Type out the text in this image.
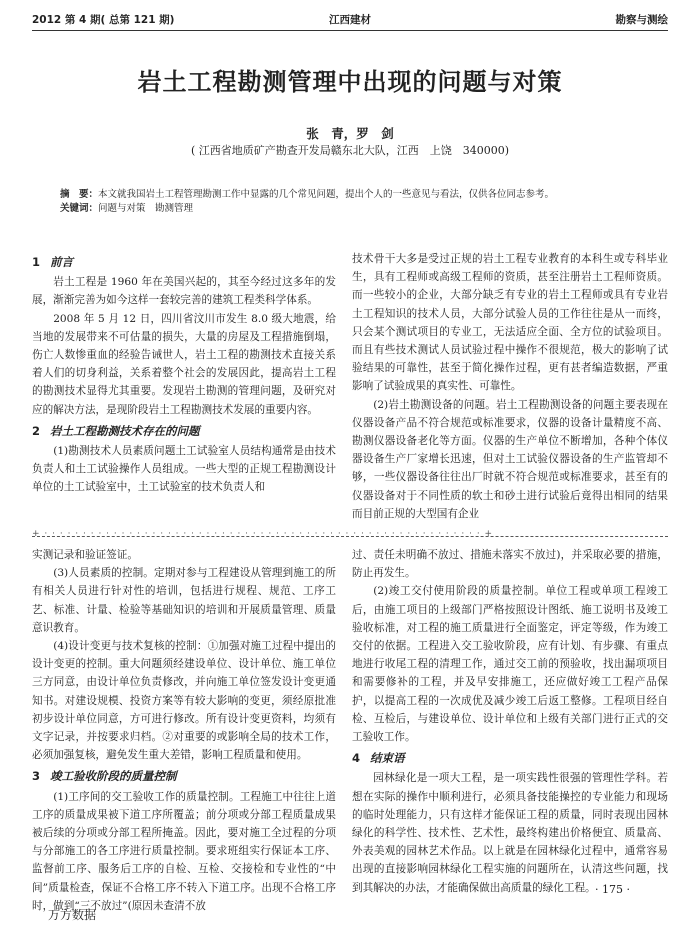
2012 第 4 期( 总第 121 期)	江西建材	勘察与测绘
岩土工程勘测管理中出现的问题与对策
张　青，罗　剑
( 江西省地质矿产勘查开发局赣东北大队，江西　上饶　340000)
摘　要：本文就我国岩土工程管理勘测工作中显露的几个常见问题，提出个人的一些意见与看法，仅供各位同志参考。
关键词：问题与对策　勘测管理
1 前言

岩土工程是 1960 年在美国兴起的，其至今经过这多年的发展，渐渐完善为如今这样一套较完善的建筑工程类科学体系。

2008 年 5 月 12 日，四川省汶川市发生 8.0 级大地震，给当地的发展带来不可估量的损失，大量的房屋及工程措施倒塌，伤亡人数惨重血的经验告诫世人，岩土工程的勘测技术直接关系着人们的切身利益，关系着整个社会的发展因此，提高岩土工程的勘测技术显得尤其重要。发现岩土勘测的管理问题，及研究对应的解决方法，是现阶段岩土工程勘测技术发展的重要内容。

2 岩土工程勘测技术存在的问题

(1)勘测技术人员素质问题土工试验室人员结构通常是由技术负责人和土工试验操作人员组成。一些大型的正规工程勘测设计单位的土工试验室中，土工试验室的技术负责人和

技术骨干大多是受过正规的岩土工程专业教育的本科生或专科毕业生，具有工程师或高级工程师的资质，甚至注册岩土工程师资质。而一些较小的企业，大部分缺乏有专业的岩土工程师或具有专业岩土工程知识的技术人员，大部分试验人员的工作往往是从一而终，只会某个测试项目的专业工，无法适应全面、全方位的试验项目。而且有些技术测试人员试验过程中操作不很规范，极大的影响了试验结果的可靠性，甚至于简化操作过程，更有甚者编造数据，严重影响了试验成果的真实性、可靠性。

(2)岩土勘测设备的问题。岩土工程勘测设备的问题主要表现在仪器设备产品不符合规范或标准要求，仪器的设备计量精度不高、勘测仪器设备老化等方面。仪器的生产单位不断增加，各种个体仪器设备生产厂家增长迅速，但对土工试验仪器设备的生产监管却不够，一些仪器设备往往出厂时就不符合规范或标准要求，甚至有的仪器设备对于不同性质的软土和砂土进行试验后竟得出相同的结果而目前正规的大型国有企业

+ · · · · · · · · · · · · · · · · · · · · · · · · · · · · · · · · · · · · · · · · · · · · · · · · · · · · · · · · · +

实测记录和验证签证。

(3)人员素质的控制。定期对参与工程建设从管理到施工的所有相关人员进行针对性的培训，包括进行规程、规范、工序工艺、标准、计量、检验等基础知识的培训和开展质量管理、质量意识教育。

(4)设计变更与技术复核的控制：①加强对施工过程中提出的设计变更的控制。重大问题须经建设单位、设计单位、施工单位三方同意，由设计单位负责修改，并向施工单位签发设计变更通知书。对建设规模、投资方案等有较大影响的变更，须经原批准初步设计单位同意，方可进行修改。所有设计变更资料，均须有文字记录，并按要求归档。②对重要的或影响全局的技术工作，必须加强复核，避免发生重大差错，影响工程质量和使用。

3 竣工验收阶段的质量控制

(1)工序间的交工验收工作的质量控制。工程施工中往往上道工序的质量成果被下道工序所覆盖；前分项或分部工程质量成果被后续的分项或分部工程所掩盖。因此，要对施工全过程的分项与分部施工的各工序进行质量控制。要求班组实行保证本工序、监督前工序、服务后工序的自检、互检、交接检和专业性的“中间”质量检查，保证不合格工序不转入下道工序。出现不合格工序时，做到“三不放过”(原因未查清不放

过、责任未明确不放过、措施未落实不放过)，并采取必要的措施，防止再发生。

(2)竣工交付使用阶段的质量控制。单位工程或单项工程竣工后，由施工项目的上级部门严格按照设计图纸、施工说明书及竣工验收标准，对工程的施工质量进行全面鉴定，评定等级，作为竣工交付的依据。工程进入交工验收阶段，应有计划、有步骤、有重点地进行收尾工程的清理工作，通过交工前的预验收，找出漏项项目和需要修补的工程，并及早安排施工，还应做好竣工工程产品保护，以提高工程的一次成优及减少竣工后返工整修。工程项目经自检、互检后，与建设单位、设计单位和上级有关部门进行正式的交工验收工作。

4 结束语

园林绿化是一项大工程，是一项实践性很强的管理性学科。若想在实际的操作中顺利进行，必须具备技能操控的专业能力和现场的临时处理能力，只有这样才能保证工程的质量，同时表现出园林绿化的科学性、技术性、艺术性，最终构建出价格便宜、质量高、外表美观的园林艺术作品。以上就是在园林绿化过程中，通常容易出现的直接影响园林绿化工程实施的问题所在，认清这些问题，找到其解决的办法，才能确保做出高质量的绿化工程。 · 175 ·
万方数据
